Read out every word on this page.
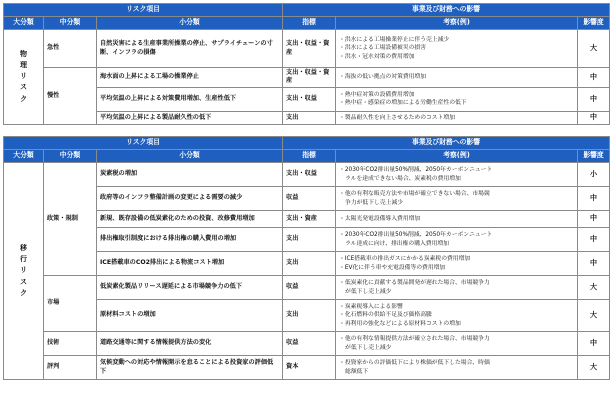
リスク項目			事業及び財務への影響		
大分類	中分類	小分類	指標	考察(例)	影響度
物理リスク	急性	自然災害による生産事業所操業の停止、サプライチェーンの寸断、インフラの損傷	支出・収益・資産	・ 洪水による工場操業停止に伴う売上減少
・ 洪水による工場設備被災の損害
・ 洪水・冠水対策の費用増加	大
	慢性	海水面の上昇による工場の操業停止	支出・収益・資産	・ 海抜の低い拠点の対策費用増加	中
		平均気温の上昇による対策費用増加、生産性低下	支出・収益	・ 熱中症対策の設備費用増加
・ 熱中症・感染症の増加による労働生産性の低下	中
		平均気温の上昇による製品耐久性の低下	支出	・ 製品耐久性を向上させるためのコスト増加	中
リスク項目			事業及び財務への影響		
大分類	中分類	小分類	指標	考察(例)	影響度
移行リスク	政策・規制	炭素税の増加	支出・収益	・ 2030年CO2排出量50%削減、2050年カーボンニュート
ラルを達成できない場合、炭素税の費用増加	小
		政府等のインフラ整備計画の変更による需要の減少	収益	・ 他の有利な販売方法や市場が確立できない場合、市場競
争力が低下し売上減少	中
		新規、既存設備の低炭素化のための投資、改修費用増加	支出・資産	・ 太陽光発電設備導入費用増加	中
		排出権取引制度における排出権の購入費用の増加	支出	・ 2030年CO2排出量50%削減、2050年カーボンニュート
ラル達成に向け、排出権の購入費用増加	中
		ICE搭載車のCO2排出による物流コスト増加	支出	・ ICE搭載車の排出ガスにかかる炭素税の費用増加
・ EV化に伴う車や充電設備等の費用増加	中
	市場	低炭素化製品リリース遅延による市場競争力の低下	収益	・ 低炭素化に貢献する製品開発が遅れた場合、市場競争力
が低下し売上減少	大
		原材料コストの増加	支出	・ 炭素税導入による影響
・ 化石燃料の供給不足及び価格高騰
・ 再利用の強化などによる原材料コストの増加	大
	技術	道路交通等に関する情報提供方法の変化	収益	・ 他の有利な情報提供方法が確立された場合、市場競争力
が低下し売上減少	中
	評判	気候変動への対応や情報開示を怠ることによる投資家の評価低下	資本	・ 投資家からの評価低下により株価が低下した場合、時価
総額低下	大
